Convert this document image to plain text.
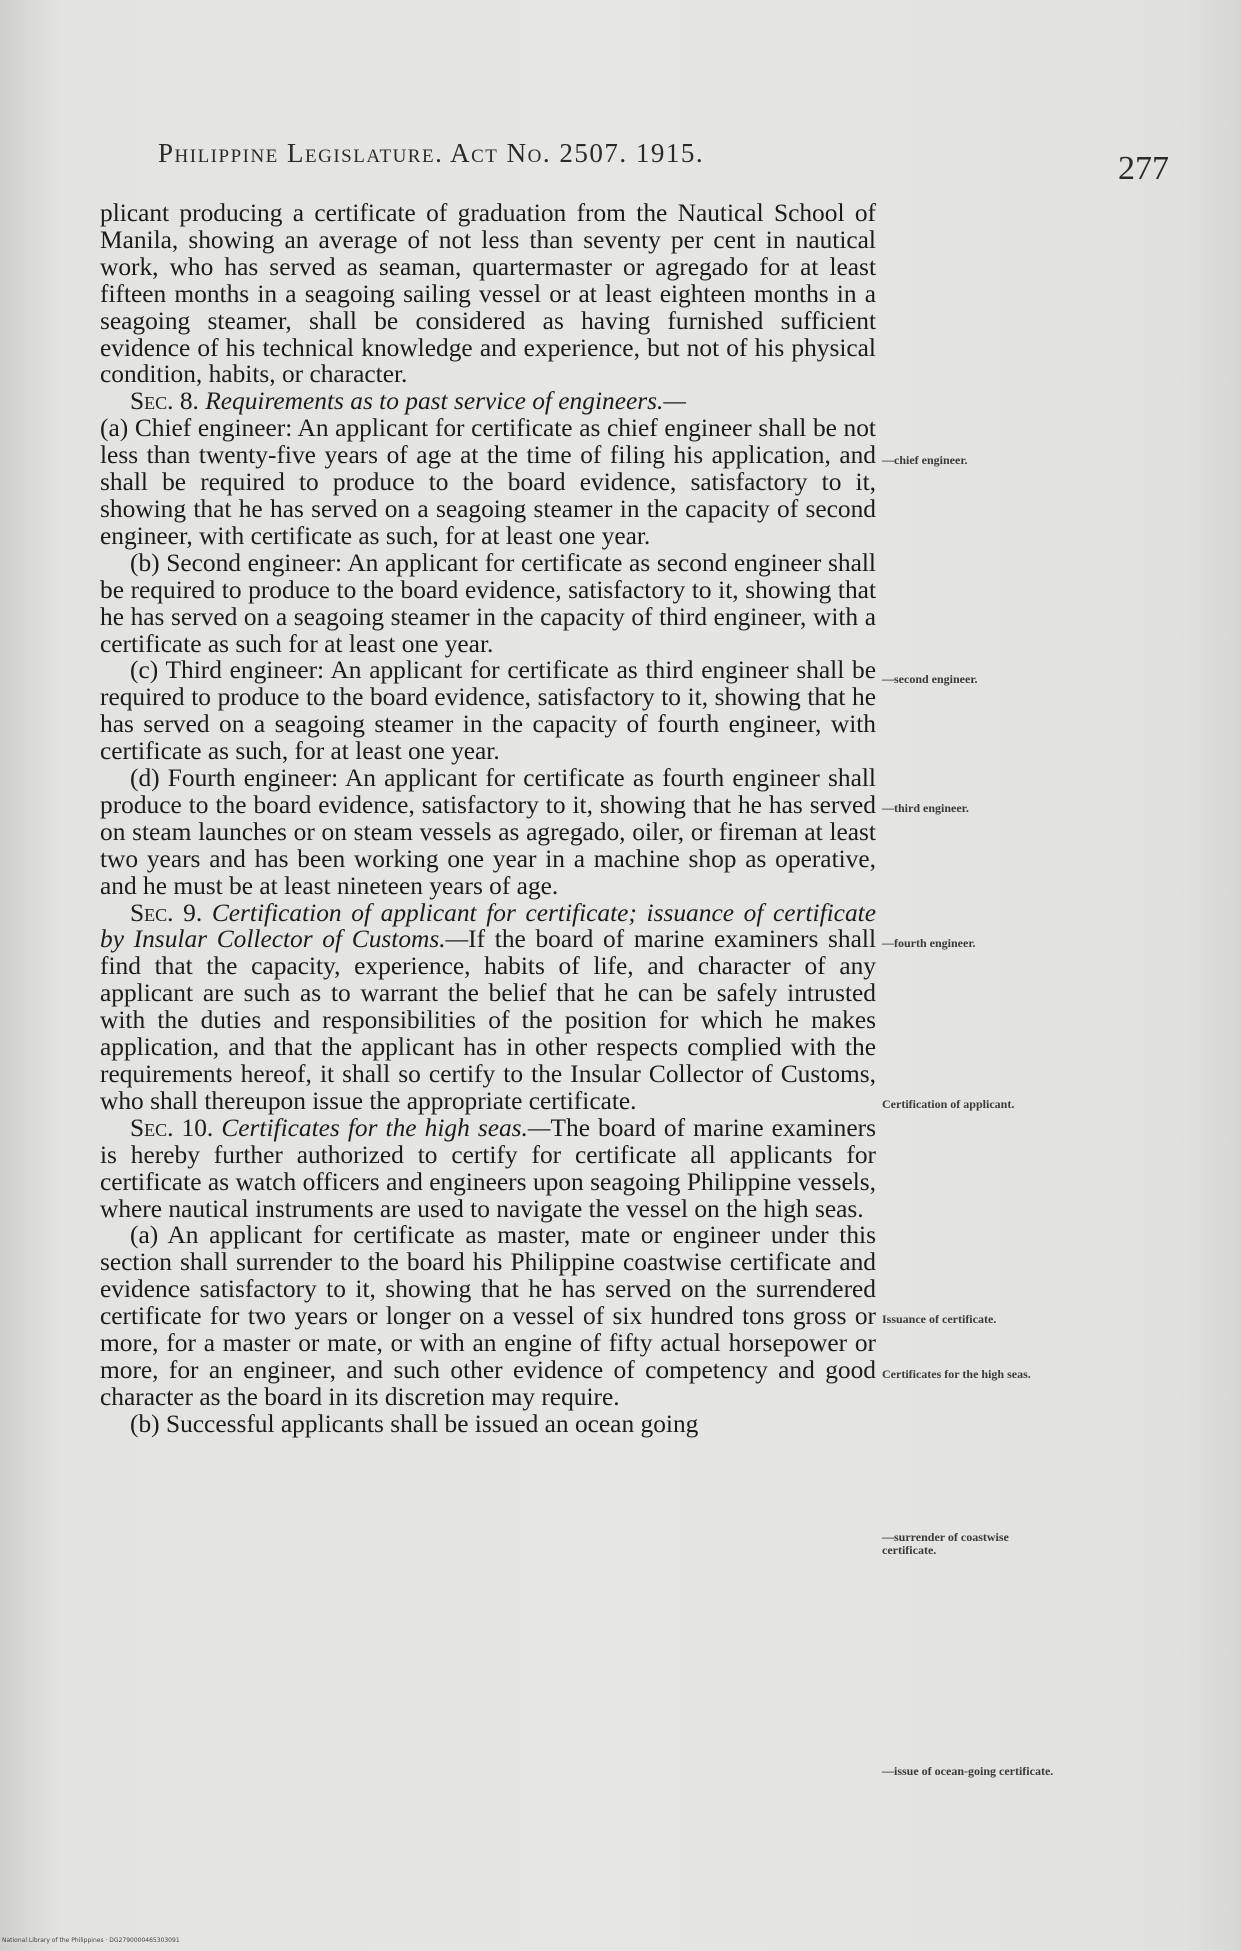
Philippine Legislature. Act No. 2507. 1915.	277

plicant producing a certificate of graduation from the Nautical School of Manila, showing an average of not less than seventy per cent in nautical work, who has served as seaman, quartermaster or agregado for at least fifteen months in a seagoing sailing vessel or at least eighteen months in a seagoing steamer, shall be considered as having furnished sufficient evidence of his technical knowledge and experience, but not of his physical condition, habits, or character.

Sec. 8. Requirements as to past service of engineers.—
(a) Chief engineer: An applicant for certificate as chief engineer shall be not less than twenty-five years of age at the time of filing his application, and shall be required to produce to the board evidence, satisfactory to it, showing that he has served on a seagoing steamer in the capacity of second engineer, with certificate as such, for at least one year.

(b) Second engineer: An applicant for certificate as second engineer shall be required to produce to the board evidence, satisfactory to it, showing that he has served on a seagoing steamer in the capacity of third engineer, with a certificate as such for at least one year.

(c) Third engineer: An applicant for certificate as third engineer shall be required to produce to the board evidence, satisfactory to it, showing that he has served on a seagoing steamer in the capacity of fourth engineer, with certificate as such, for at least one year.

(d) Fourth engineer: An applicant for certificate as fourth engineer shall produce to the board evidence, satisfactory to it, showing that he has served on steam launches or on steam vessels as agregado, oiler, or fireman at least two years and has been working one year in a machine shop as operative, and he must be at least nineteen years of age.

Sec. 9. Certification of applicant for certificate; issuance of certificate by Insular Collector of Customs.—If the board of marine examiners shall find that the capacity, experience, habits of life, and character of any applicant are such as to warrant the belief that he can be safely intrusted with the duties and responsibilities of the position for which he makes application, and that the applicant has in other respects complied with the requirements hereof, it shall so certify to the Insular Collector of Customs, who shall thereupon issue the appropriate certificate.

Sec. 10. Certificates for the high seas.—The board of marine examiners is hereby further authorized to certify for certificate all applicants for certificate as watch officers and engineers upon seagoing Philippine vessels, where nautical instruments are used to navigate the vessel on the high seas.

(a) An applicant for certificate as master, mate or engineer under this section shall surrender to the board his Philippine coastwise certificate and evidence satisfactory to it, showing that he has served on the surrendered certificate for two years or longer on a vessel of six hundred tons gross or more, for a master or mate, or with an engine of fifty actual horsepower or more, for an engineer, and such other evidence of competency and good character as the board in its discretion may require.

(b) Successful applicants shall be issued an ocean going

—chief engineer.
—second engineer.
—third engineer.
—fourth engineer.
Certification of applicant.
Issuance of certificate.
Certificates for the high seas.
—surrender of coastwise certificate.
—issue of ocean-going certificate.
National Library of the Philippines · DG2790000465303091
